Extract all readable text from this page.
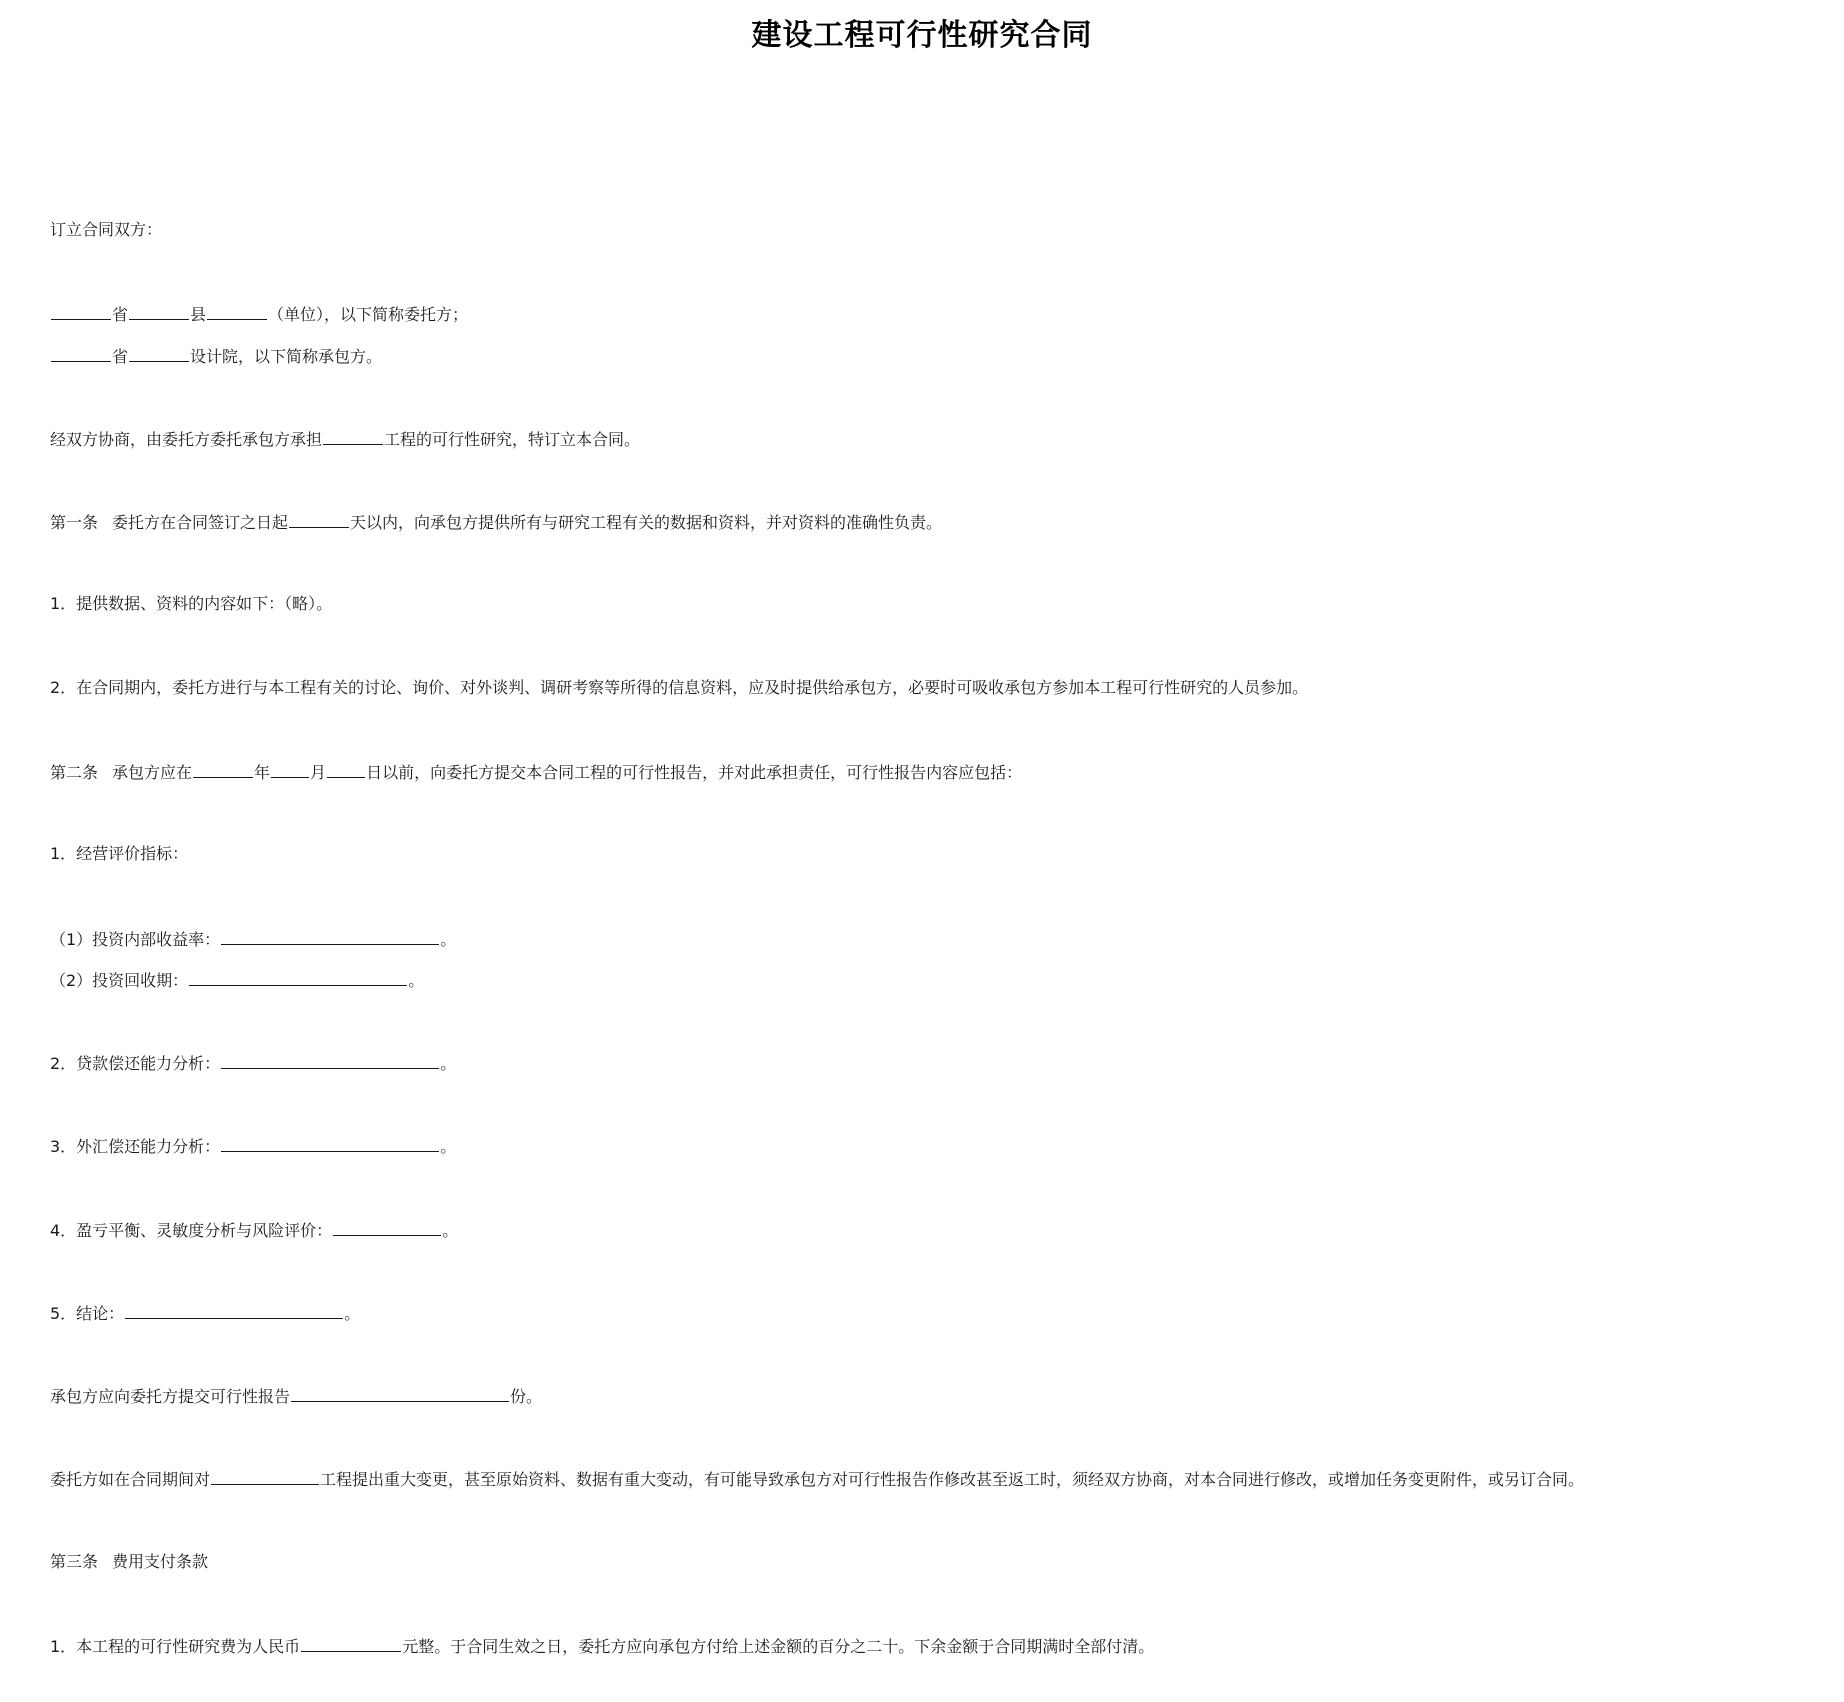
建设工程可行性研究合同
订立合同双方：
省	县	（单位），以下简称委托方；
省	设计院，以下简称承包方。
经双方协商，由委托方委托承包方承担	工程的可行性研究，特订立本合同。
第一条 委托方在合同签订之日起	天以内，向承包方提供所有与研究工程有关的数据和资料，并对资料的准确性负责。
1．提供数据、资料的内容如下：（略）。
2．在合同期内，委托方进行与本工程有关的讨论、询价、对外谈判、调研考察等所得的信息资料，应及时提供给承包方，必要时可吸收承包方参加本工程可行性研究的人员参加。
第二条 承包方应在	年	月	日以前，向委托方提交本合同工程的可行性报告，并对此承担责任，可行性报告内容应包括：
1．经营评价指标：
（1）投资内部收益率：	。
（2）投资回收期：	。
2．贷款偿还能力分析：	。
3．外汇偿还能力分析：	。
4．盈亏平衡、灵敏度分析与风险评价：	。
5．结论：	。
承包方应向委托方提交可行性报告	份。
委托方如在合同期间对	工程提出重大变更，甚至原始资料、数据有重大变动，有可能导致承包方对可行性报告作修改甚至返工时，须经双方协商，对本合同进行修改，或增加任务变更附件，或另订合同。
第三条 费用支付条款
1．本工程的可行性研究费为人民币	元整。于合同生效之日，委托方应向承包方付给上述金额的百分之二十。下余金额于合同期满时全部付清。
